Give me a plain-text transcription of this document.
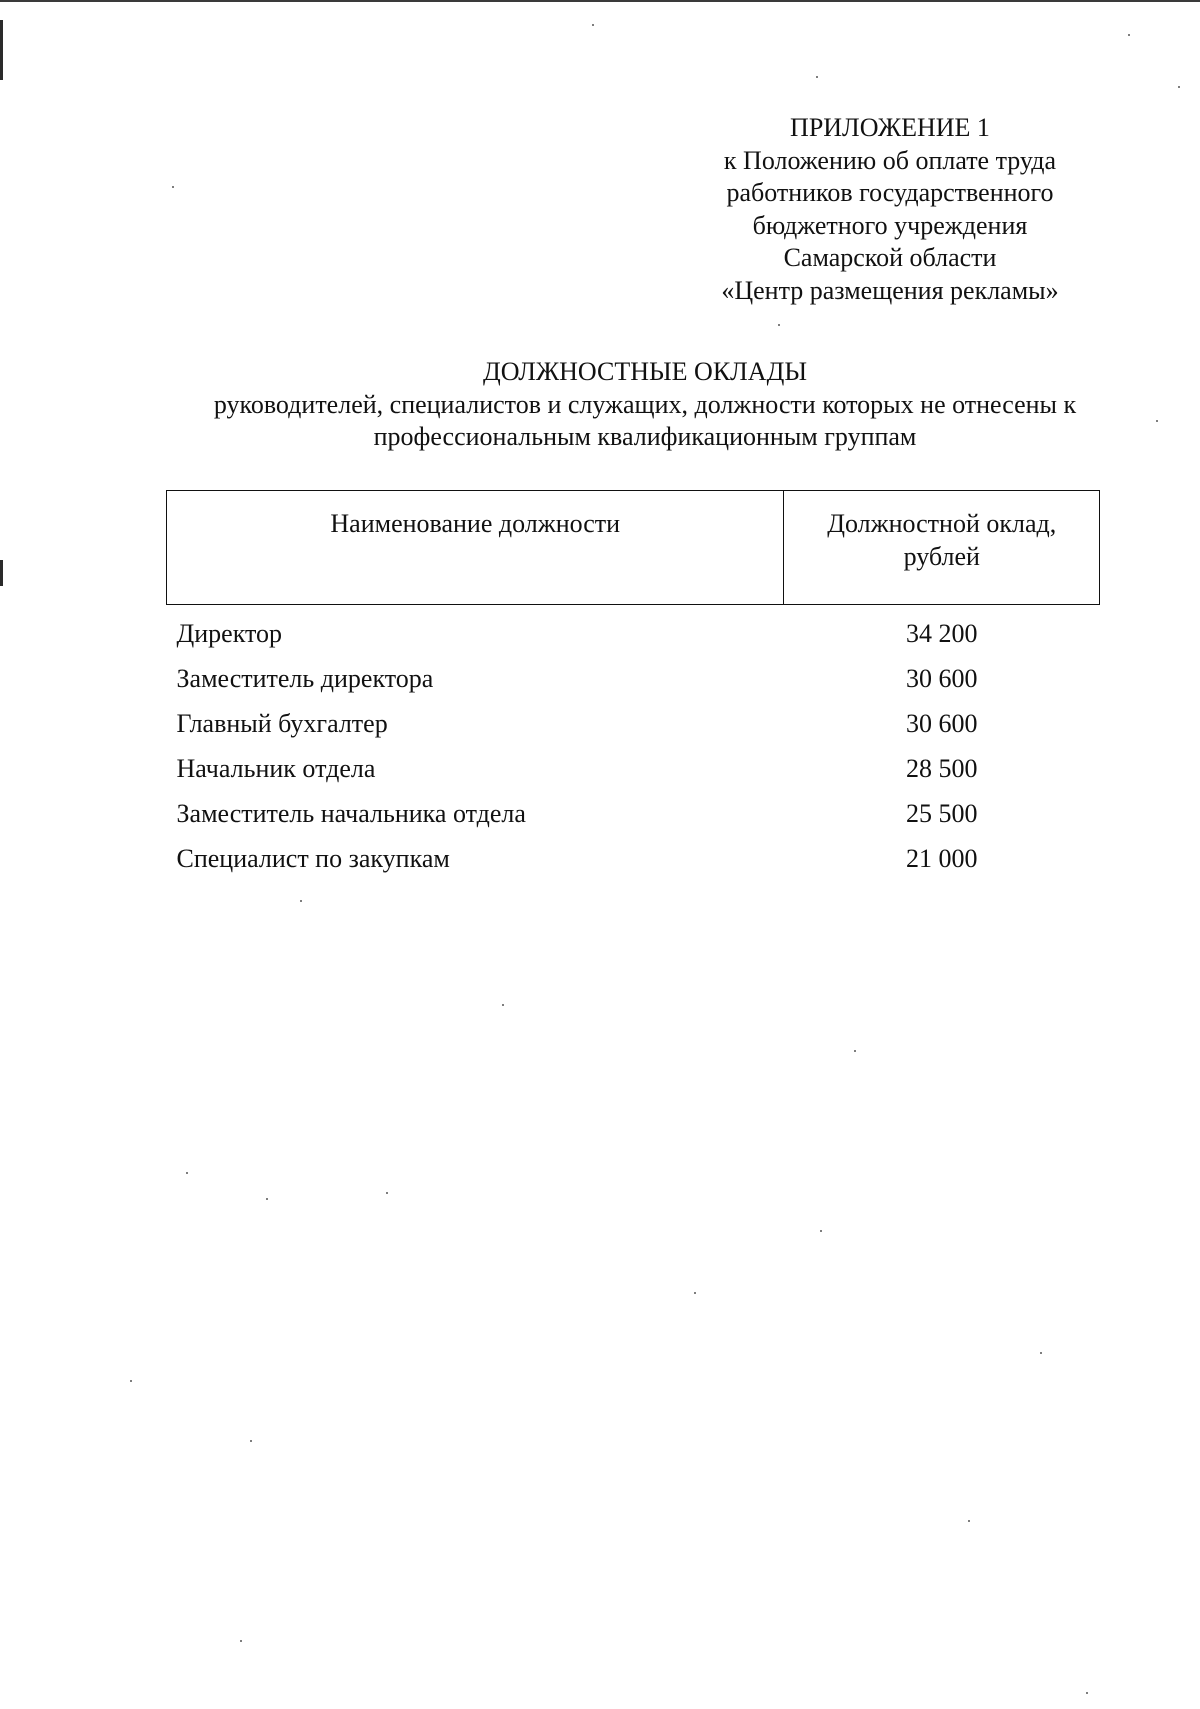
ПРИЛОЖЕНИЕ 1
к Положению об оплате труда
работников государственного
бюджетного учреждения
Самарской области
«Центр размещения рекламы»
ДОЛЖНОСТНЫЕ ОКЛАДЫ
руководителей, специалистов и служащих, должности которых не отнесены к
профессиональным квалификационным группам
Наименование должности	Должностной оклад,
рублей
Директор	34 200
Заместитель директора	30 600
Главный бухгалтер	30 600
Начальник отдела	28 500
Заместитель начальника отдела	25 500
Специалист по закупкам	21 000
